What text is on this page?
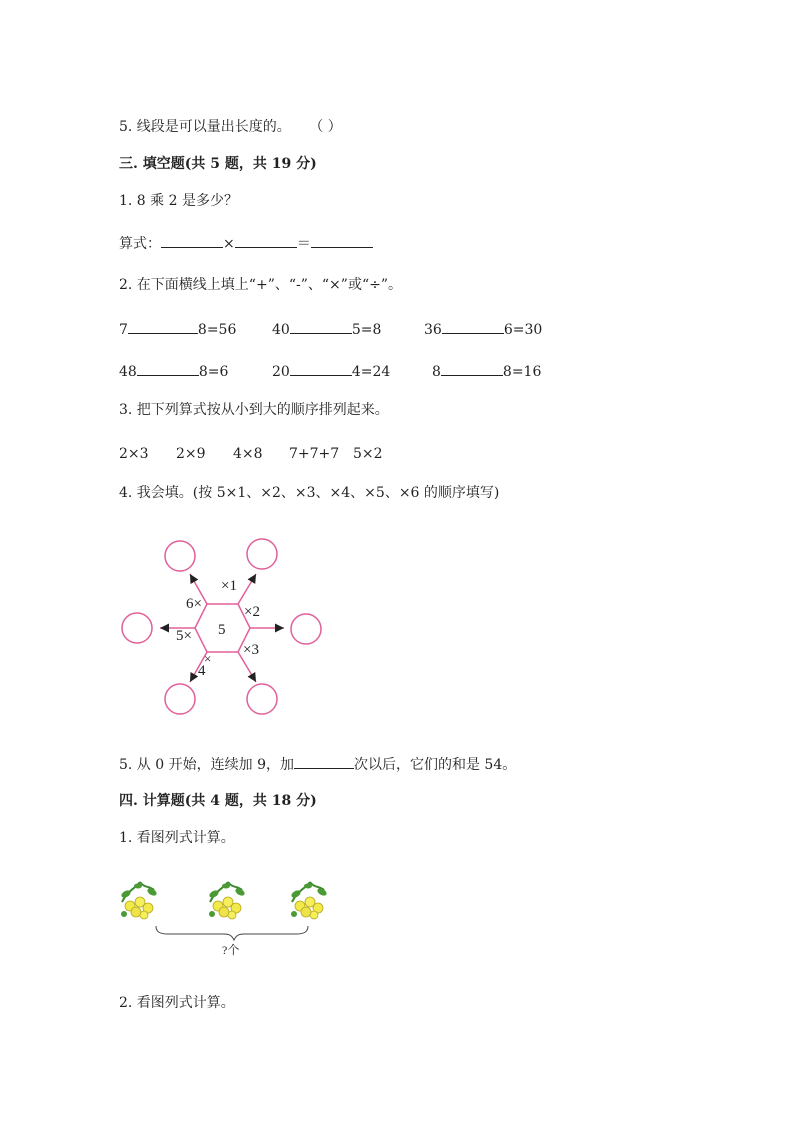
5. 线段是可以量出长度的。 （ ）
三. 填空题(共 5 题，共 19 分)
1. 8 乘 2 是多少？
算式：	×	＝
2. 在下面横线上填上“+”、“-”、“×”或“÷”。
7	8=56	40	5=8	36	6=30
48	8=6	20	4=24	8	8=16
3. 把下列算式按从小到大的顺序排列起来。
2×3 2×9 4×8 7+7+7 5×2
4. 我会填。(按 5×1、×2、×3、×4、×5、×6 的顺序填写)
5
×1
×2
×3
×
4
5×
6×
5. 从 0 开始，连续加 9，加	次以后，它们的和是 54。
四. 计算题(共 4 题，共 18 分)
1. 看图列式计算。
?个
2. 看图列式计算。
